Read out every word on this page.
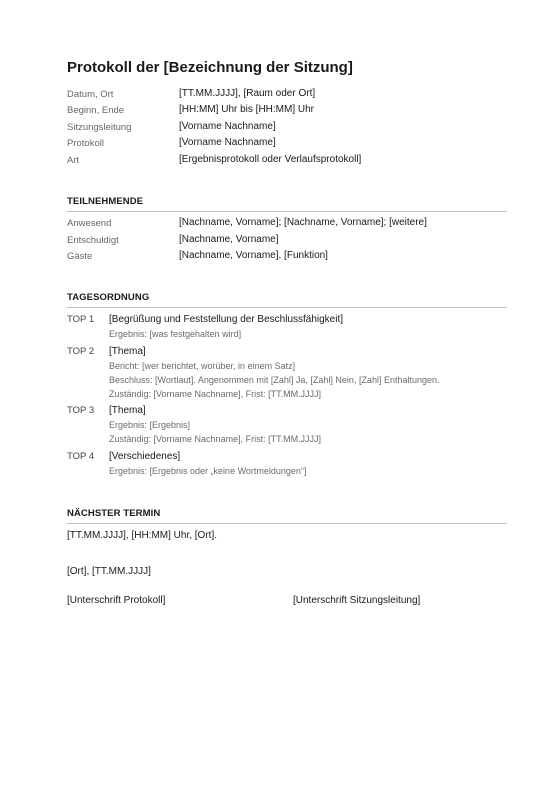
Protokoll der [Bezeichnung der Sitzung]
Datum, Ort	[TT.MM.JJJJ], [Raum oder Ort]
Beginn, Ende	[HH:MM] Uhr bis [HH:MM] Uhr
Sitzungsleitung	[Vorname Nachname]
Protokoll	[Vorname Nachname]
Art	[Ergebnisprotokoll oder Verlaufsprotokoll]
TEILNEHMENDE
Anwesend	[Nachname, Vorname]; [Nachname, Vorname]; [weitere]
Entschuldigt	[Nachname, Vorname]
Gäste	[Nachname, Vorname], [Funktion]
TAGESORDNUNG
TOP 1 [Begrüßung und Feststellung der Beschlussfähigkeit]
Ergebnis: [was festgehalten wird]
TOP 2 [Thema]
Bericht: [wer berichtet, worüber, in einem Satz]
Beschluss: [Wortlaut]. Angenommen mit [Zahl] Ja, [Zahl] Nein, [Zahl] Enthaltungen.
Zuständig: [Vorname Nachname], Frist: [TT.MM.JJJJ]
TOP 3 [Thema]
Ergebnis: [Ergebnis]
Zuständig: [Vorname Nachname], Frist: [TT.MM.JJJJ]
TOP 4 [Verschiedenes]
Ergebnis: [Ergebnis oder „keine Wortmeldungen“]
NÄCHSTER TERMIN
[TT.MM.JJJJ], [HH:MM] Uhr, [Ort].
[Ort], [TT.MM.JJJJ]
[Unterschrift Protokoll]	[Unterschrift Sitzungsleitung]
